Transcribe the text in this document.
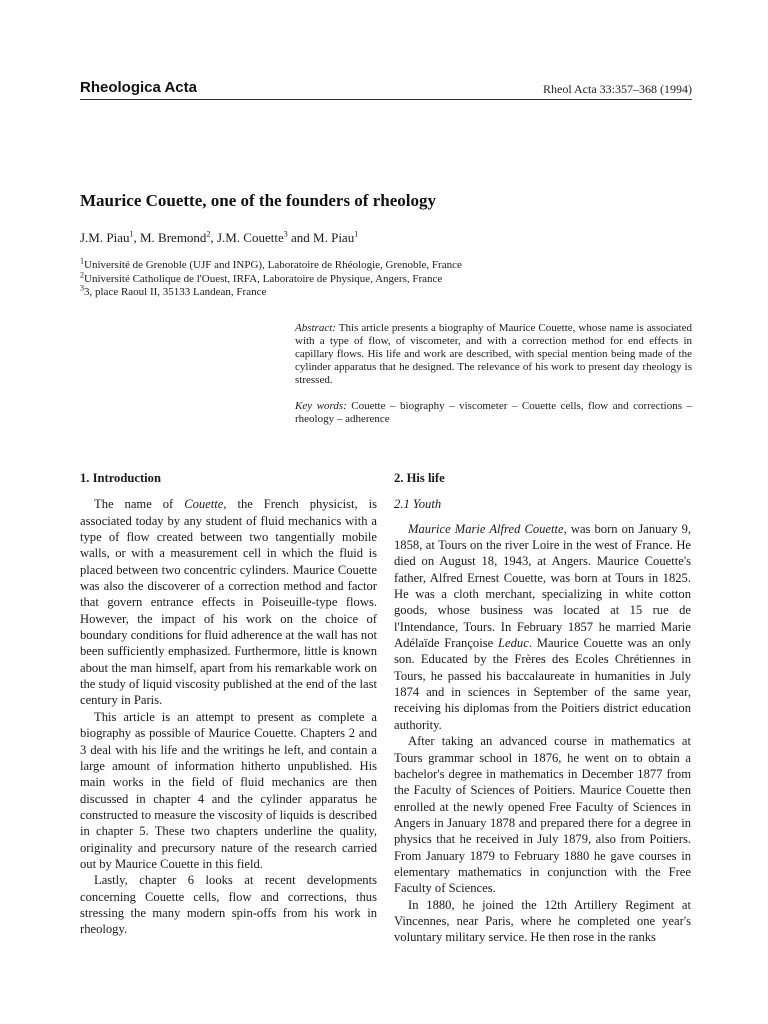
Rheologica Acta	Rheol Acta 33:357–368 (1994)
Maurice Couette, one of the founders of rheology
J.M. Piau$^1$, M. Bremond$^2$, J.M. Couette$^3$ and M. Piau$^1$
$^1$Université de Grenoble (UJF and INPG), Laboratoire de Rhéologie, Grenoble, France
$^2$Université Catholique de l'Ouest, IRFA, Laboratoire de Physique, Angers, France
$^3$3, place Raoul II, 35133 Landean, France

Abstract: This article presents a biography of Maurice Couette, whose name is associated with a type of flow, of viscometer, and with a correction method for end effects in capillary flows. His life and work are described, with special mention being made of the cylinder apparatus that he designed. The relevance of his work to present day rheology is stressed.

Key words: Couette – biography – viscometer – Couette cells, flow and corrections – rheology – adherence

1. Introduction

The name of Couette, the French physicist, is associated today by any student of fluid mechanics with a type of flow created between two tangentially mobile walls, or with a measurement cell in which the fluid is placed between two concentric cylinders. Maurice Couette was also the discoverer of a correction method and factor that govern entrance effects in Poiseuille-type flows. However, the impact of his work on the choice of boundary conditions for fluid adherence at the wall has not been sufficiently emphasized. Furthermore, little is known about the man himself, apart from his remarkable work on the study of liquid viscosity published at the end of the last century in Paris.

This article is an attempt to present as complete a biography as possible of Maurice Couette. Chapters 2 and 3 deal with his life and the writings he left, and contain a large amount of information hitherto unpublished. His main works in the field of fluid mechanics are then discussed in chapter 4 and the cylinder apparatus he constructed to measure the viscosity of liquids is described in chapter 5. These two chapters underline the quality, originality and precursory nature of the research carried out by Maurice Couette in this field.

Lastly, chapter 6 looks at recent developments concerning Couette cells, flow and corrections, thus stressing the many modern spin-offs from his work in rheology.

2. His life
2.1 Youth

Maurice Marie Alfred Couette, was born on January 9, 1858, at Tours on the river Loire in the west of France. He died on August 18, 1943, at Angers. Maurice Couette's father, Alfred Ernest Couette, was born at Tours in 1825. He was a cloth merchant, specializing in white cotton goods, whose business was located at 15 rue de l'Intendance, Tours. In February 1857 he married Marie Adélaïde Françoise Leduc. Maurice Couette was an only son. Educated by the Frères des Ecoles Chrétiennes in Tours, he passed his baccalaureate in humanities in July 1874 and in sciences in September of the same year, receiving his diplomas from the Poitiers district education authority.

After taking an advanced course in mathematics at Tours grammar school in 1876, he went on to obtain a bachelor's degree in mathematics in December 1877 from the Faculty of Sciences of Poitiers. Maurice Couette then enrolled at the newly opened Free Faculty of Sciences in Angers in January 1878 and prepared there for a degree in physics that he received in July 1879, also from Poitiers. From January 1879 to February 1880 he gave courses in elementary mathematics in conjunction with the Free Faculty of Sciences.

In 1880, he joined the 12th Artillery Regiment at Vincennes, near Paris, where he completed one year's voluntary military service. He then rose in the ranks
